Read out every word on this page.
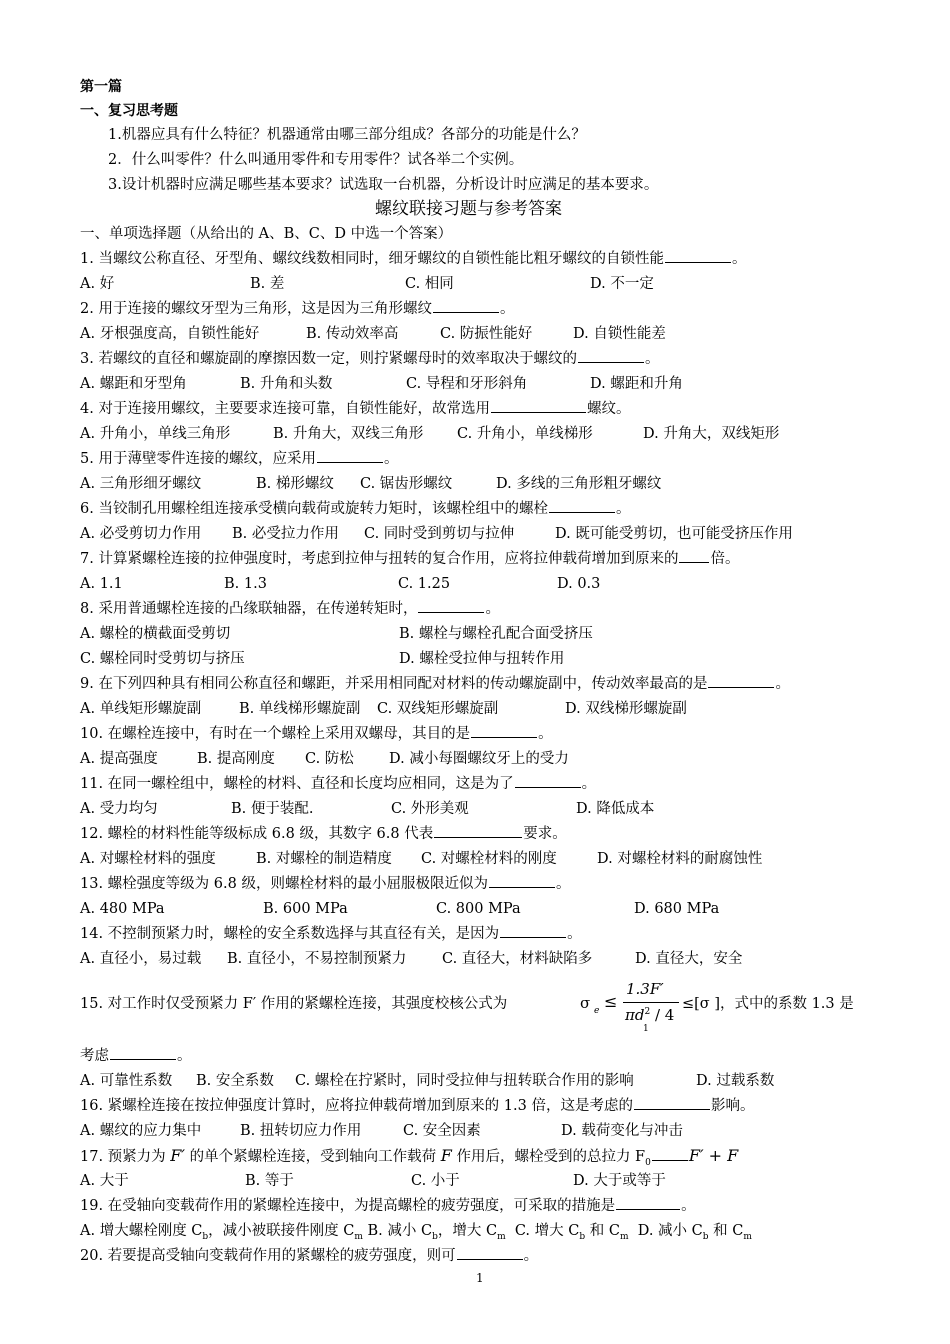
第一篇
一、复习思考题
1.机器应具有什么特征？机器通常由哪三部分组成？各部分的功能是什么？
2．什么叫零件？什么叫通用零件和专用零件？试各举二个实例。
3.设计机器时应满足哪些基本要求？试选取一台机器，分析设计时应满足的基本要求。
螺纹联接习题与参考答案
一、单项选择题（从给出的 A、B、C、D 中选一个答案）
1. 当螺纹公称直径、牙型角、螺纹线数相同时，细牙螺纹的自锁性能比粗牙螺纹的自锁性能	。
A. 好	B. 差	C. 相同	D. 不一定
2. 用于连接的螺纹牙型为三角形，这是因为三角形螺纹	。
A. 牙根强度高，自锁性能好	B. 传动效率高	C. 防振性能好	D. 自锁性能差
3. 若螺纹的直径和螺旋副的摩擦因数一定，则拧紧螺母时的效率取决于螺纹的	。
A. 螺距和牙型角	B. 升角和头数	C. 导程和牙形斜角	D. 螺距和升角
4. 对于连接用螺纹，主要要求连接可靠，自锁性能好，故常选用	螺纹。
A. 升角小，单线三角形	B. 升角大，双线三角形 C. 升角小，单线梯形	D. 升角大，双线矩形
5. 用于薄壁零件连接的螺纹，应采用	。
A. 三角形细牙螺纹	B. 梯形螺纹 C. 锯齿形螺纹	D. 多线的三角形粗牙螺纹
6. 当铰制孔用螺栓组连接承受横向载荷或旋转力矩时，该螺栓组中的螺栓	。
A. 必受剪切力作用 B. 必受拉力作用 C. 同时受到剪切与拉伸	D. 既可能受剪切，也可能受挤压作用
7. 计算紧螺栓连接的拉伸强度时，考虑到拉伸与扭转的复合作用，应将拉伸载荷增加到原来的 倍。
A. 1.1	B. 1.3	C. 1.25	D. 0.3
8. 采用普通螺栓连接的凸缘联轴器，在传递转矩时，	。
A. 螺栓的横截面受剪切	B. 螺栓与螺栓孔配合面受挤压
C. 螺栓同时受剪切与挤压	D. 螺栓受拉伸与扭转作用
9. 在下列四种具有相同公称直径和螺距，并采用相同配对材料的传动螺旋副中，传动效率最高的是	。
A. 单线矩形螺旋副	B. 单线梯形螺旋副 C. 双线矩形螺旋副	D. 双线梯形螺旋副
10. 在螺栓连接中，有时在一个螺栓上采用双螺母，其目的是	。
A. 提高强度	B. 提高刚度 C. 防松 D. 减小每圈螺纹牙上的受力
11. 在同一螺栓组中，螺栓的材料、直径和长度均应相同，这是为了	。
A. 受力均匀	B. 便于装配.	C. 外形美观	D. 降低成本
12. 螺栓的材料性能等级标成 6.8 级，其数字 6.8 代表	要求。
A. 对螺栓材料的强度	B. 对螺栓的制造精度 C. 对螺栓材料的刚度	D. 对螺栓材料的耐腐蚀性
13. 螺栓强度等级为 6.8 级，则螺栓材料的最小屈服极限近似为	。
A. 480 MPa	B. 600 MPa	C. 800 MPa	D. 680 MPa
14. 不控制预紧力时，螺栓的安全系数选择与其直径有关，是因为	。
A. 直径小，易过载 B. 直径小，不易控制预紧力 C. 直径大，材料缺陷多	D. 直径大，安全
15. 对工作时仅受预紧力 F′ 作用的紧螺栓连接，其强度校核公式为	σ e ≤
1.3F′
$\pi d^2 / 4$
1
≤[σ ]，式中的系数 1.3 是
考虑	。
A. 可靠性系数 B. 安全系数 C. 螺栓在拧紧时，同时受拉伸与扭转联合作用的影响	D. 过载系数
16. 紧螺栓连接在按拉伸强度计算时，应将拉伸载荷增加到原来的 1.3 倍，这是考虑的	影响。
A. 螺纹的应力集中	B. 扭转切应力作用	C. 安全因素	D. 载荷变化与冲击
17. 预紧力为 F′ 的单个紧螺栓连接，受到轴向工作载荷 F 作用后，螺栓受到的总拉力 $F_0$ F′ + F
A. 大于	B. 等于	C. 小于	D. 大于或等于
19. 在受轴向变载荷作用的紧螺栓连接中，为提高螺栓的疲劳强度，可采取的措施是	。
A. 增大螺栓刚度 $C_b$，减小被联接件刚度 $C_m$ B. 减小 $C_b$，增大 $C_m$ C. 增大 $C_b$ 和 $C_m$ D. 减小 $C_b$ 和 $C_m$
20. 若要提高受轴向变载荷作用的紧螺栓的疲劳强度，则可	。
1
